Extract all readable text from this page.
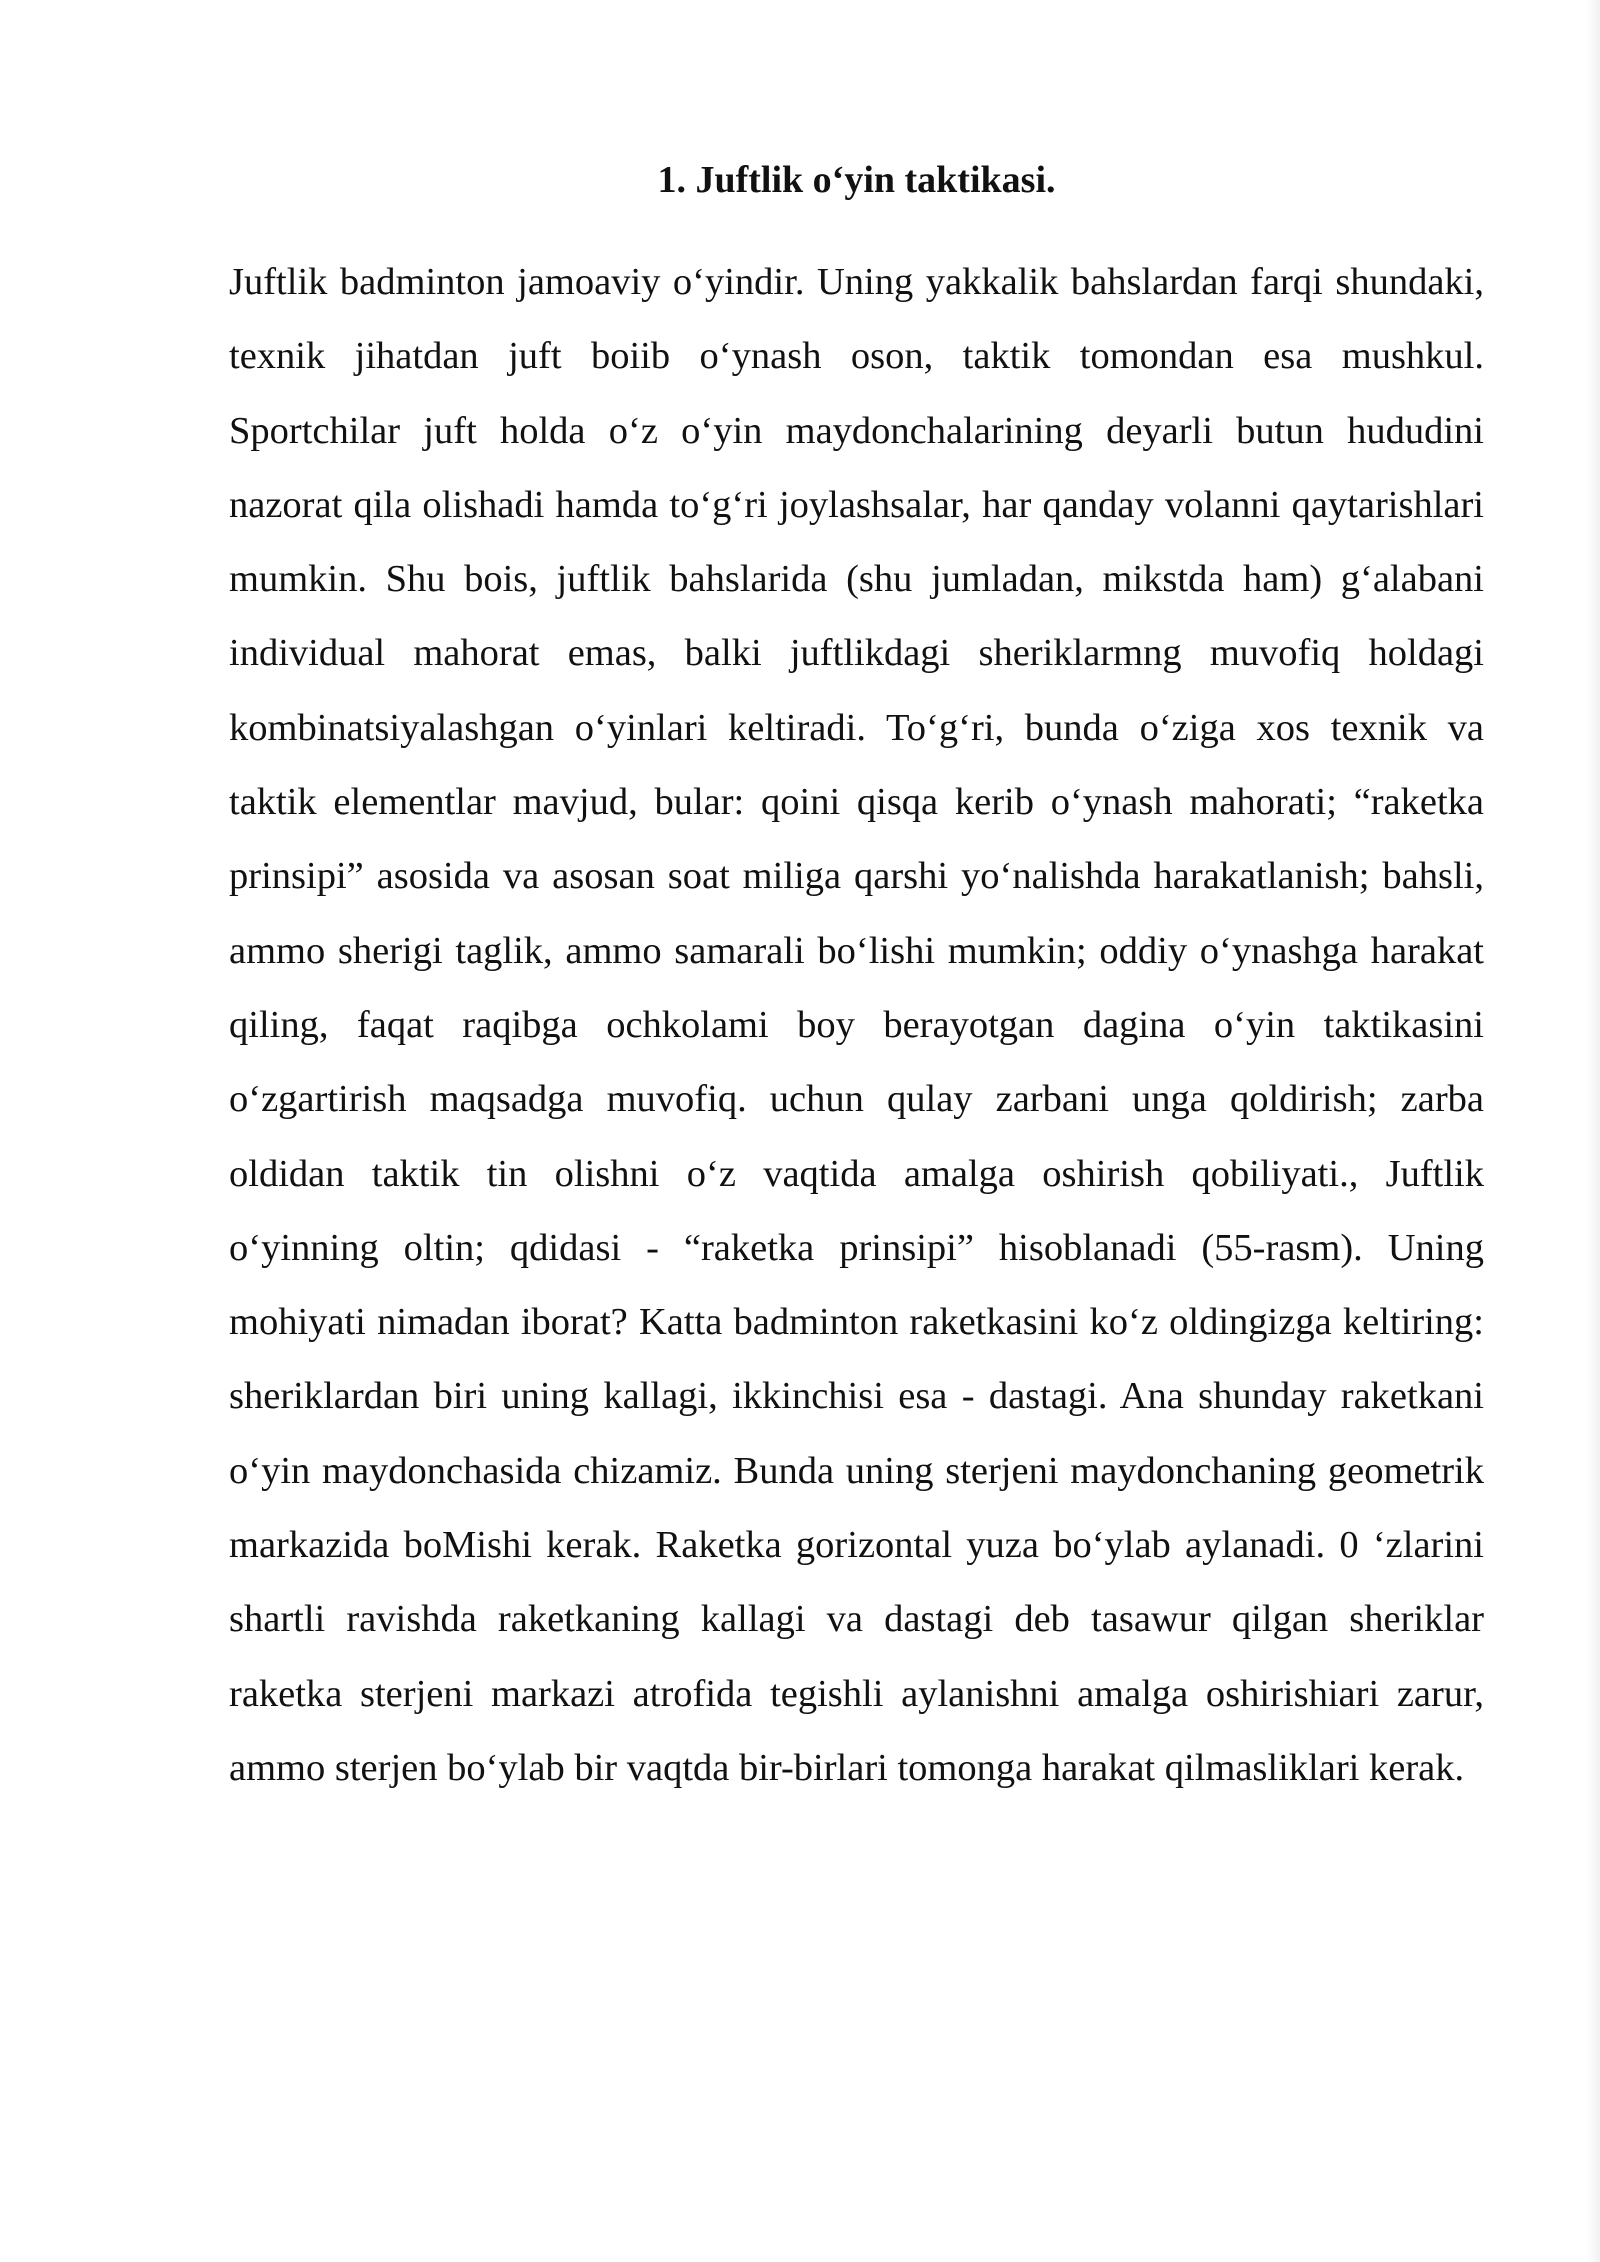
1. Juftlik o‘yin taktikasi.

Juftlik badminton jamoaviy o‘yindir. Uning yakkalik bahslardan farqi shundaki, texnik jihatdan juft boiib o‘ynash oson, taktik tomondan esa mushkul. Sportchilar juft holda o‘z o‘yin maydonchalarining deyarli butun hududini nazorat qila olishadi hamda to‘g‘ri joylashsalar, har qanday volanni qaytarishlari mumkin. Shu bois, juftlik bahslarida (shu jumladan, mikstda ham) g‘alabani individual mahorat emas, balki juftlikdagi sheriklarmng muvofiq holdagi kombinatsiyalashgan o‘yinlari keltiradi. To‘g‘ri, bunda o‘ziga xos texnik va taktik elementlar mavjud, bular: qoini qisqa kerib o‘ynash mahorati; “raketka prinsipi” asosida va asosan soat miliga qarshi yo‘nalishda harakatlanish; bahsli, ammo sherigi taglik, ammo samarali bo‘lishi mumkin; oddiy o‘ynashga harakat qiling, faqat raqibga ochkolami boy berayotgan dagina o‘yin taktikasini o‘zgartirish maqsadga muvofiq. uchun qulay zarbani unga qoldirish; zarba oldidan taktik tin olishni o‘z vaqtida amalga oshirish qobiliyati., Juftlik o‘yinning oltin; qdidasi - “raketka prinsipi” hisoblanadi (55-rasm). Uning mohiyati nimadan iborat? Katta badminton raketkasini ko‘z oldingizga keltiring: sheriklardan biri uning kallagi, ikkinchisi esa - dastagi. Ana shunday raketkani o‘yin maydonchasida chizamiz. Bunda uning sterjeni maydonchaning geometrik markazida boMishi kerak. Raketka gorizontal yuza bo‘ylab aylanadi. 0 ‘zlarini shartli ravishda raketkaning kallagi va dastagi deb tasawur qilgan sheriklar raketka sterjeni markazi atrofida tegishli aylanishni amalga oshirishiari zarur, ammo sterjen bo‘ylab bir vaqtda bir-birlari tomonga harakat qilmasliklari kerak.
